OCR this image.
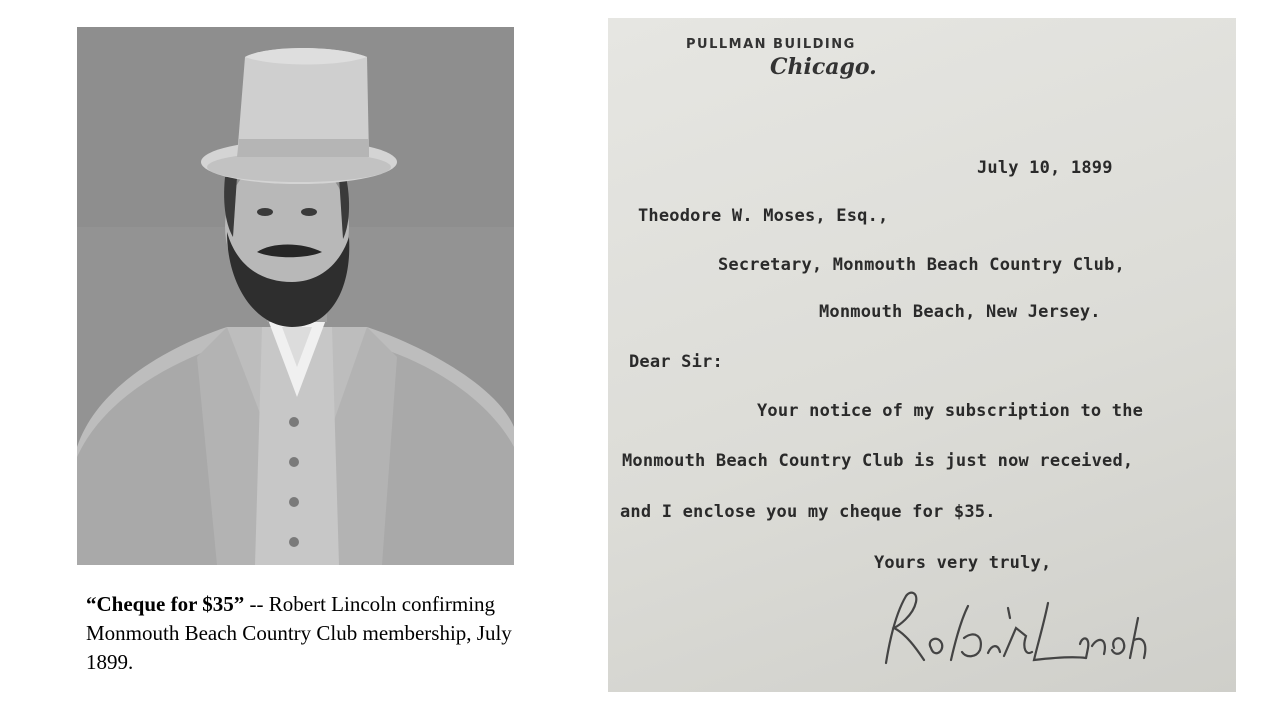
“Cheque for $35” -- Robert Lincoln confirming Monmouth Beach Country Club membership, July 1899.
PULLMAN BUILDING
Chicago.
July 10, 1899
Theodore W. Moses, Esq.,
Secretary, Monmouth Beach Country Club,
Monmouth Beach, New Jersey.
Dear Sir:
Your notice of my subscription to the
Monmouth Beach Country Club is just now received,
and I enclose you my cheque for $35.
Yours very truly,
